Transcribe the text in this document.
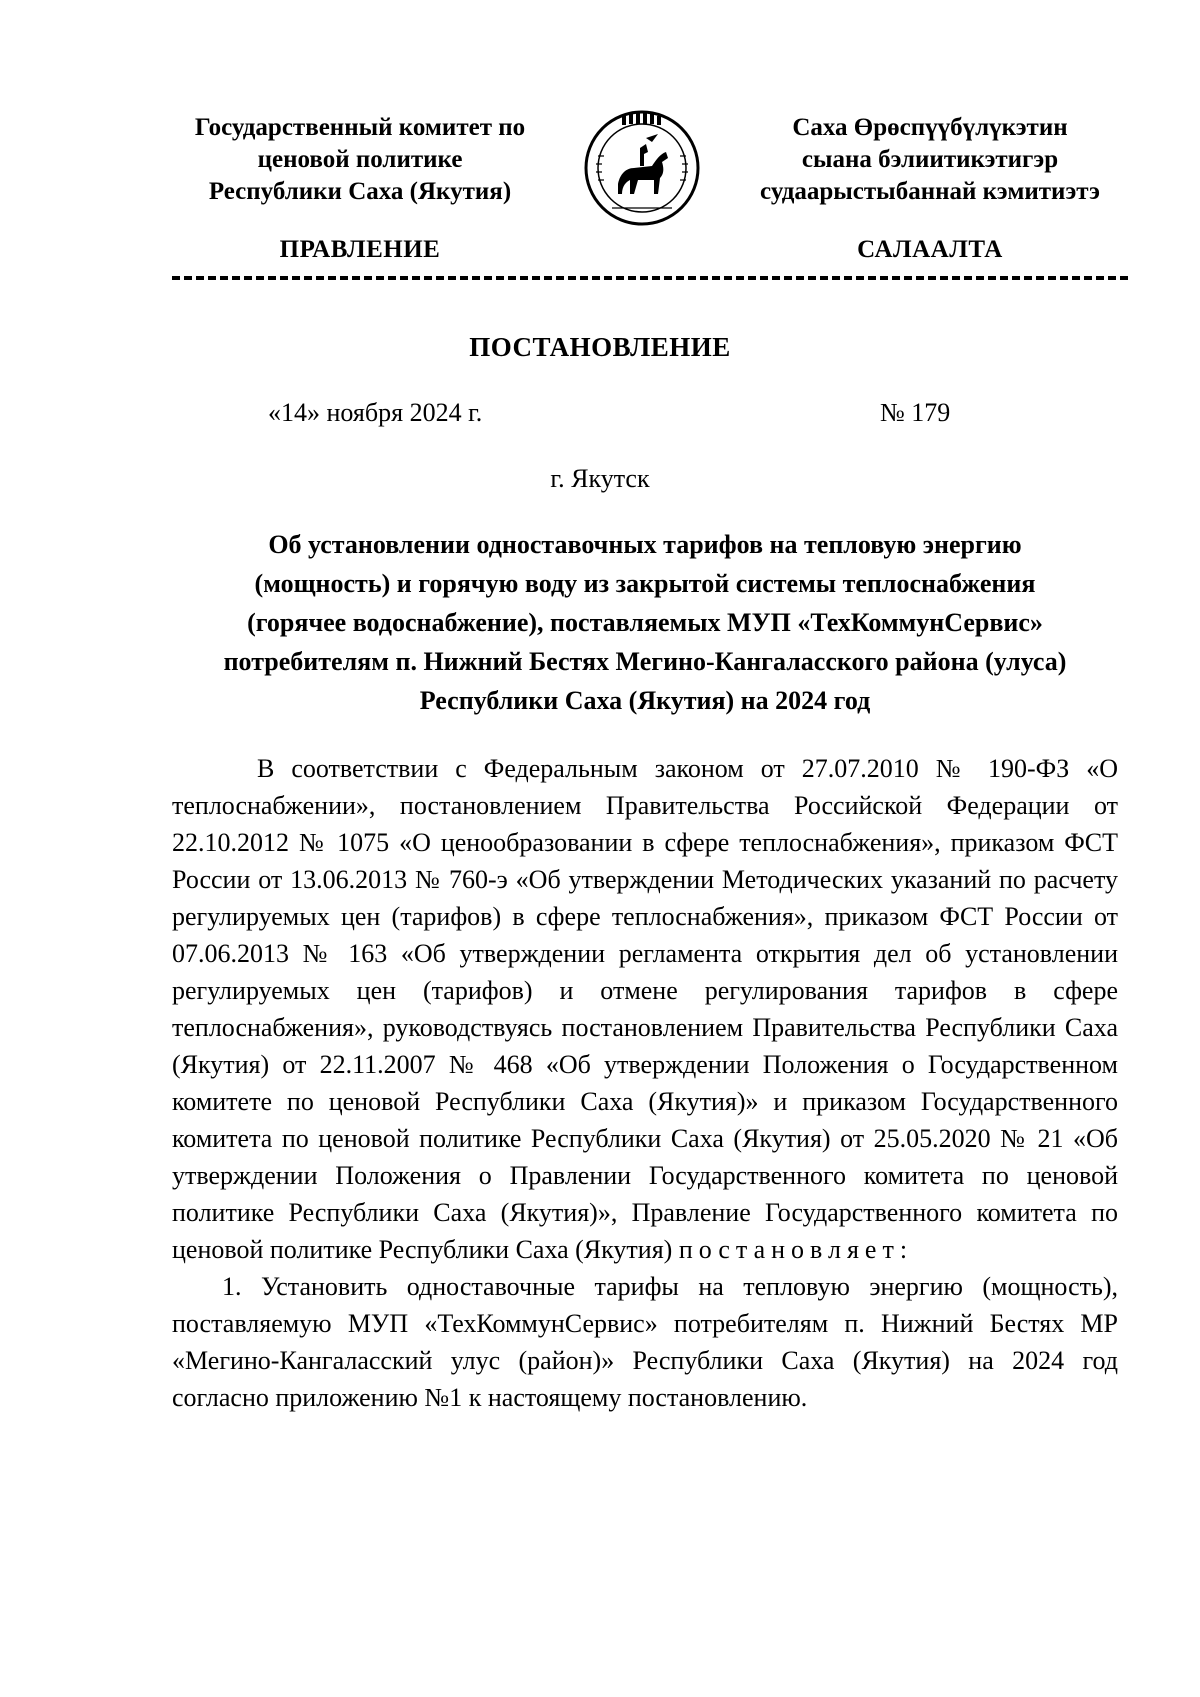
Государственный комитет по
ценовой политике
Республики Саха (Якутия)
Саха Өрөспүүбүлүкэтин
сыана бэлиитикэтигэр
судаарыстыбаннай кэмитиэтэ
ПРАВЛЕНИЕ	САЛААЛТА
ПОСТАНОВЛЕНИЕ
«14» ноября 2024 г.	№ 179
г. Якутск
Об установлении одноставочных тарифов на тепловую энергию
(мощность) и горячую воду из закрытой системы теплоснабжения
(горячее водоснабжение), поставляемых МУП «ТехКоммунСервис»
потребителям п. Нижний Бестях Мегино-Кангаласского района (улуса)
Республики Саха (Якутия) на 2024 год

В соответствии с Федеральным законом от 27.07.2010 № 190-ФЗ «О теплоснабжении», постановлением Правительства Российской Федерации от 22.10.2012 № 1075 «О ценообразовании в сфере теплоснабжения», приказом ФСТ России от 13.06.2013 № 760-э «Об утверждении Методических указаний по расчету регулируемых цен (тарифов) в сфере теплоснабжения», приказом ФСТ России от 07.06.2013 № 163 «Об утверждении регламента открытия дел об установлении регулируемых цен (тарифов) и отмене регулирования тарифов в сфере теплоснабжения», руководствуясь постановлением Правительства Республики Саха (Якутия) от 22.11.2007 № 468 «Об утверждении Положения о Государственном комитете по ценовой Республики Саха (Якутия)» и приказом Государственного комитета по ценовой политике Республики Саха (Якутия) от 25.05.2020 № 21 «Об утверждении Положения о Правлении Государственного комитета по ценовой политике Республики Саха (Якутия)», Правление Государственного комитета по ценовой политике Республики Саха (Якутия) постановляет:

1. Установить одноставочные тарифы на тепловую энергию (мощность), поставляемую МУП «ТехКоммунСервис» потребителям п. Нижний Бестях МР «Мегино-Кангаласский улус (район)» Республики Саха (Якутия) на 2024 год согласно приложению №1 к настоящему постановлению.
